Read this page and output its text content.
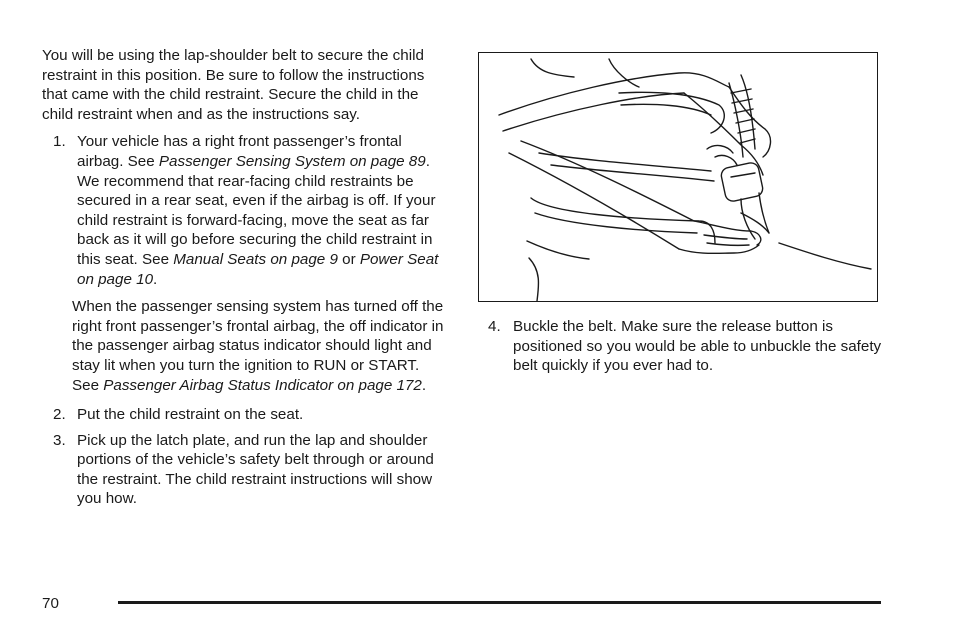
You will be using the lap-shoulder belt to secure the child restraint in this position. Be sure to follow the instructions that came with the child restraint. Secure the child in the child restraint when and as the instructions say.

1. Your vehicle has a right front passenger’s frontal airbag. See Passenger Sensing System on page 89. We recommend that rear-facing child restraints be secured in a rear seat, even if the airbag is off. If your child restraint is forward-facing, move the seat as far back as it will go before securing the child restraint in this seat. See Manual Seats on page 9 or Power Seat on page 10.

When the passenger sensing system has turned off the right front passenger’s frontal airbag, the off indicator in the passenger airbag status indicator should light and stay lit when you turn the ignition to RUN or START. See Passenger Airbag Status Indicator on page 172.

2. Put the child restraint on the seat.
3. Pick up the latch plate, and run the lap and shoulder portions of the vehicle’s safety belt through or around the restraint. The child restraint instructions will show you how.
4. Buckle the belt. Make sure the release button is positioned so you would be able to unbuckle the safety belt quickly if you ever had to.
70
